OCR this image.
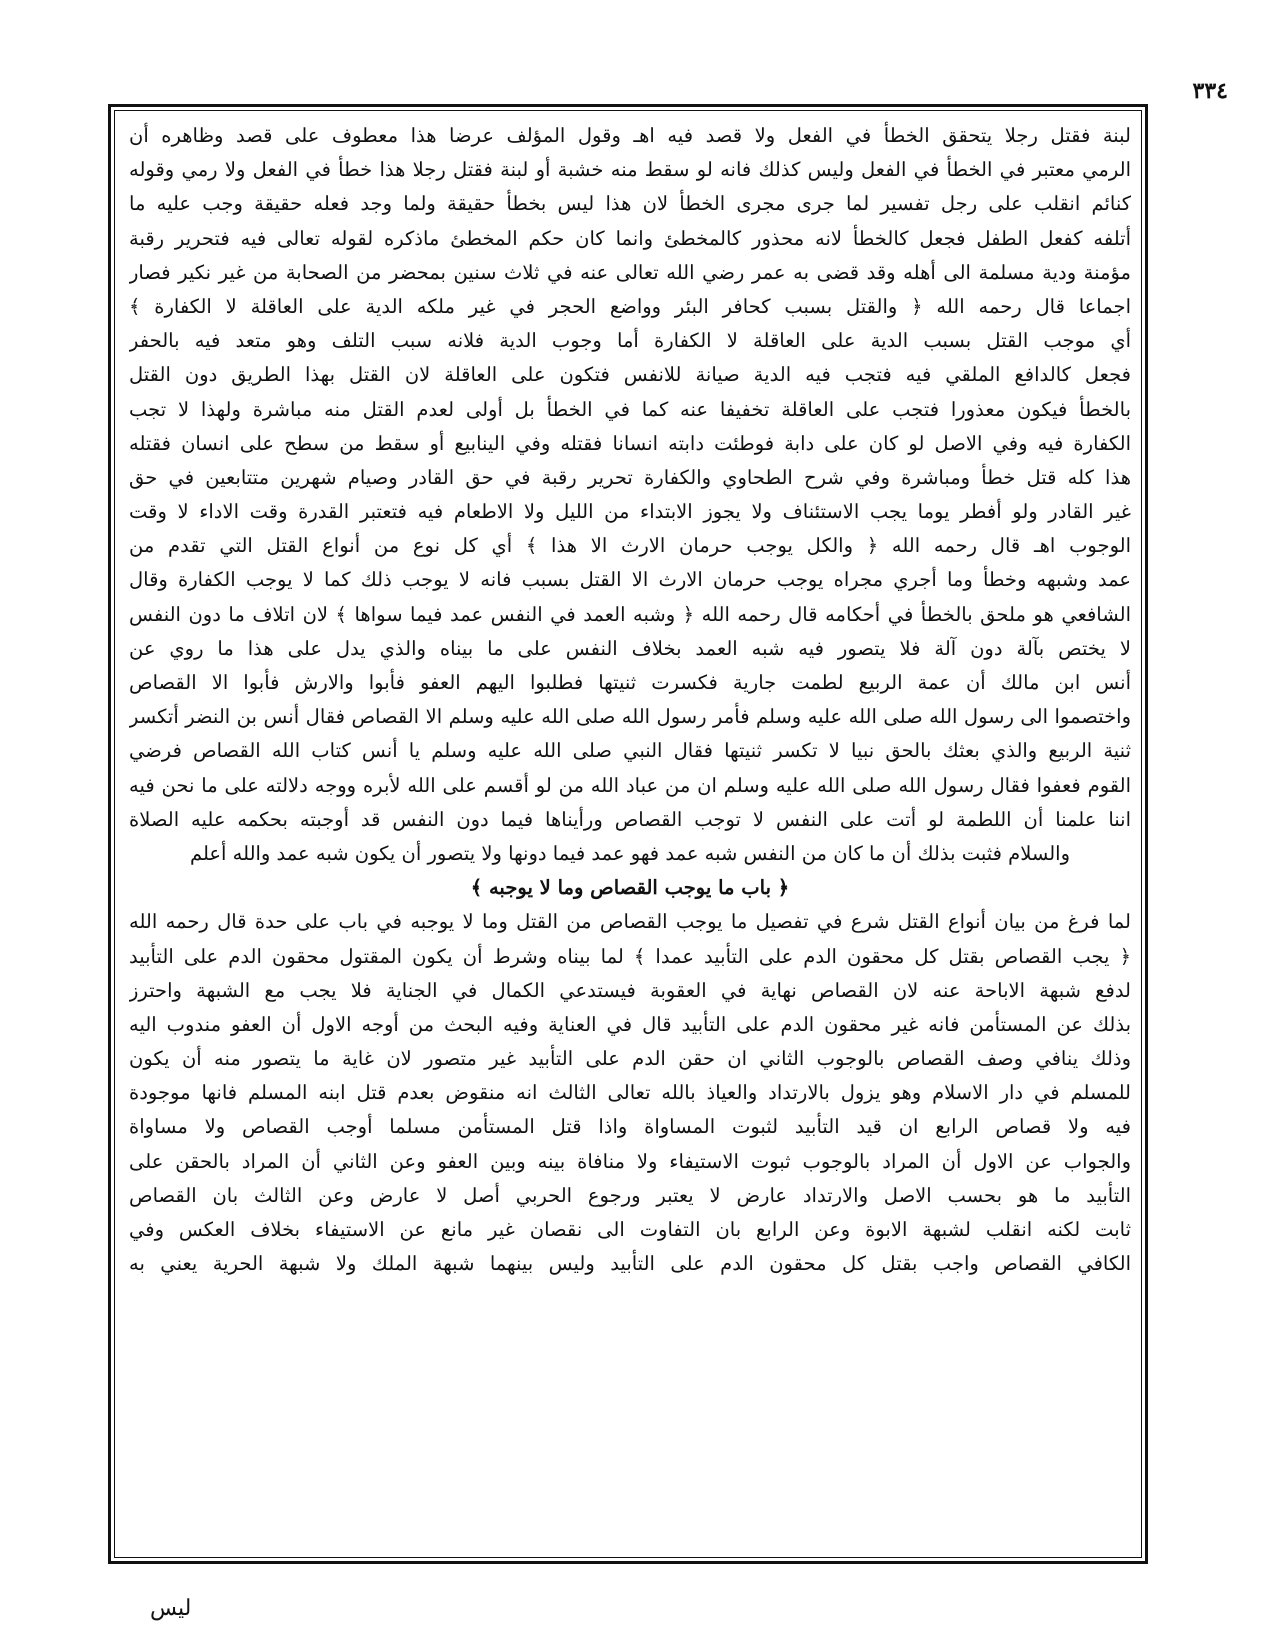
٣٣٤
لبنة فقتل رجلا يتحقق الخطأ في الفعل ولا قصد فيه اهـ وقول المؤلف عرضا هذا معطوف على قصد وظاهره أن
الرمي معتبر في الخطأ في الفعل وليس كذلك فانه لو سقط منه خشبة أو لبنة فقتل رجلا هذا خطأ في الفعل ولا رمي وقوله
كنائم انقلب على رجل تفسير لما جرى مجرى الخطأ لان هذا ليس بخطأ حقيقة ولما وجد فعله حقيقة وجب عليه ما
أتلفه كفعل الطفل فجعل كالخطأ لانه محذور كالمخطئ وانما كان حكم المخطئ ماذكره لقوله تعالى فيه فتحرير رقبة
مؤمنة ودية مسلمة الى أهله وقد قضى به عمر رضي الله تعالى عنه في ثلاث سنين بمحضر من الصحابة من غير نكير فصار
اجماعا قال رحمه الله ﴿ والقتل بسبب كحافر البئر وواضع الحجر في غير ملكه الدية على العاقلة لا الكفارة ﴾
أي موجب القتل بسبب الدية على العاقلة لا الكفارة أما وجوب الدية فلانه سبب التلف وهو متعد فيه بالحفر
فجعل كالدافع الملقي فيه فتجب فيه الدية صيانة للانفس فتكون على العاقلة لان القتل بهذا الطريق دون القتل
بالخطأ فيكون معذورا فتجب على العاقلة تخفيفا عنه كما في الخطأ بل أولى لعدم القتل منه مباشرة ولهذا لا تجب
الكفارة فيه وفي الاصل لو كان على دابة فوطئت دابته انسانا فقتله وفي الينابيع أو سقط من سطح على انسان فقتله
هذا كله قتل خطأ ومباشرة وفي شرح الطحاوي والكفارة تحرير رقبة في حق القادر وصيام شهرين متتابعين في حق
غير القادر ولو أفطر يوما يجب الاستئناف ولا يجوز الابتداء من الليل ولا الاطعام فيه فتعتبر القدرة وقت الاداء لا وقت
الوجوب اهـ قال رحمه الله ﴿ والكل يوجب حرمان الارث الا هذا ﴾ أي كل نوع من أنواع القتل التي تقدم من
عمد وشبهه وخطأ وما أجري مجراه يوجب حرمان الارث الا القتل بسبب فانه لا يوجب ذلك كما لا يوجب الكفارة وقال
الشافعي هو ملحق بالخطأ في أحكامه قال رحمه الله ﴿ وشبه العمد في النفس عمد فيما سواها ﴾ لان اتلاف ما دون النفس
لا يختص بآلة دون آلة فلا يتصور فيه شبه العمد بخلاف النفس على ما بيناه والذي يدل على هذا ما روي عن
أنس ابن مالك أن عمة الربيع لطمت جارية فكسرت ثنيتها فطلبوا اليهم العفو فأبوا والارش فأبوا الا القصاص
واختصموا الى رسول الله صلى الله عليه وسلم فأمر رسول الله صلى الله عليه وسلم الا القصاص فقال أنس بن النضر أتكسر
ثنية الربيع والذي بعثك بالحق نبيا لا تكسر ثنيتها فقال النبي صلى الله عليه وسلم يا أنس كتاب الله القصاص فرضي
القوم فعفوا فقال رسول الله صلى الله عليه وسلم ان من عباد الله من لو أقسم على الله لأبره ووجه دلالته على ما نحن فيه
اننا علمنا أن اللطمة لو أتت على النفس لا توجب القصاص ورأيناها فيما دون النفس قد أوجبته بحكمه عليه الصلاة
والسلام فثبت بذلك أن ما كان من النفس شبه عمد فهو عمد فيما دونها ولا يتصور أن يكون شبه عمد والله أعلم
﴿ باب ما يوجب القصاص وما لا يوجبه ﴾
لما فرغ من بيان أنواع القتل شرع في تفصيل ما يوجب القصاص من القتل وما لا يوجبه في باب على حدة قال رحمه الله
﴿ يجب القصاص بقتل كل محقون الدم على التأبيد عمدا ﴾ لما بيناه وشرط أن يكون المقتول محقون الدم على التأبيد
لدفع شبهة الاباحة عنه لان القصاص نهاية في العقوبة فيستدعي الكمال في الجناية فلا يجب مع الشبهة واحترز
بذلك عن المستأمن فانه غير محقون الدم على التأبيد قال في العناية وفيه البحث من أوجه الاول أن العفو مندوب اليه
وذلك ينافي وصف القصاص بالوجوب الثاني ان حقن الدم على التأبيد غير متصور لان غاية ما يتصور منه أن يكون
للمسلم في دار الاسلام وهو يزول بالارتداد والعياذ بالله تعالى الثالث انه منقوض بعدم قتل ابنه المسلم فانها موجودة
فيه ولا قصاص الرابع ان قيد التأبيد لثبوت المساواة واذا قتل المستأمن مسلما أوجب القصاص ولا مساواة
والجواب عن الاول أن المراد بالوجوب ثبوت الاستيفاء ولا منافاة بينه وبين العفو وعن الثاني أن المراد بالحقن على
التأبيد ما هو بحسب الاصل والارتداد عارض لا يعتبر ورجوع الحربي أصل لا عارض وعن الثالث بان القصاص
ثابت لكنه انقلب لشبهة الابوة وعن الرابع بان التفاوت الى نقصان غير مانع عن الاستيفاء بخلاف العكس وفي
الكافي القصاص واجب بقتل كل محقون الدم على التأبيد وليس بينهما شبهة الملك ولا شبهة الحرية يعني به
ليس
